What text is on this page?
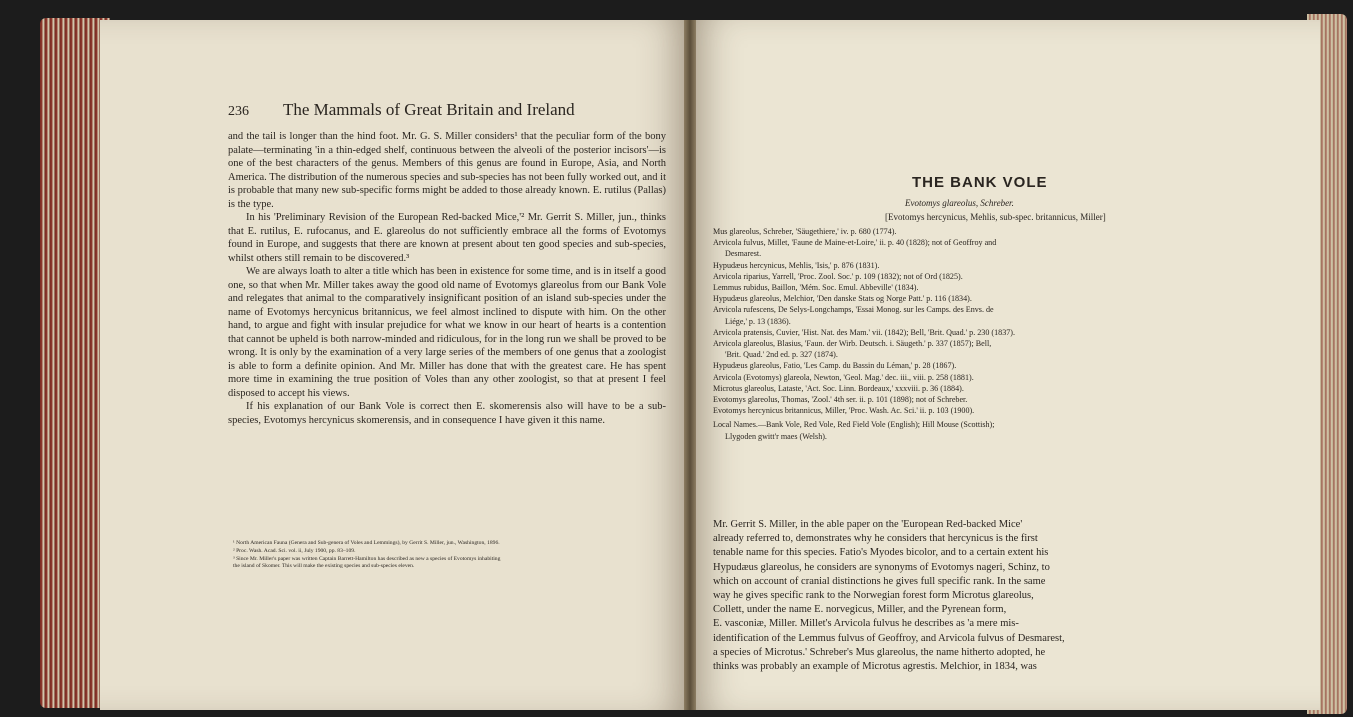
236 The Mammals of Great Britain and Ireland

and the tail is longer than the hind foot. Mr. G. S. Miller considers¹ that the peculiar form of the bony palate—terminating 'in a thin-edged shelf, continuous between the alveoli of the posterior incisors'—is one of the best characters of the genus. Members of this genus are found in Europe, Asia, and North America. The distribution of the numerous species and sub-species has not been fully worked out, and it is probable that many new sub-specific forms might be added to those already known. E. rutilus (Pallas) is the type.

In his 'Preliminary Revision of the European Red-backed Mice,'² Mr. Gerrit S. Miller, jun., thinks that E. rutilus, E. rufocanus, and E. glareolus do not sufficiently embrace all the forms of Evotomys found in Europe, and suggests that there are known at present about ten good species and sub-species, whilst others still remain to be discovered.³

We are always loath to alter a title which has been in existence for some time, and is in itself a good one, so that when Mr. Miller takes away the good old name of Evotomys glareolus from our Bank Vole and relegates that animal to the comparatively insignificant position of an island sub-species under the name of Evotomys hercynicus britannicus, we feel almost inclined to dispute with him. On the other hand, to argue and fight with insular prejudice for what we know in our heart of hearts is a contention that cannot be upheld is both narrow-minded and ridiculous, for in the long run we shall be proved to be wrong. It is only by the examination of a very large series of the members of one genus that a zoologist is able to form a definite opinion. And Mr. Miller has done that with the greatest care. He has spent more time in examining the true position of Voles than any other zoologist, so that at present I feel disposed to accept his views.

If his explanation of our Bank Vole is correct then E. skomerensis also will have to be a sub-species, Evotomys hercynicus skomerensis, and in consequence I have given it this name.

¹ North American Fauna (Genera and Sub-genera of Voles and Lemmings), by Gerrit S. Miller, jun., Washington, 1896.
² Proc. Wash. Acad. Sci. vol. ii, July 1900, pp. 83–109.
³ Since Mr. Miller's paper was written Captain Barrett-Hamilton has described as new a species of Evotomys inhabiting
the island of Skomer. This will make the existing species and sub-species eleven.
THE BANK VOLE
Evotomys glareolus, Schreber.
[Evotomys hercynicus, Mehlis, sub-spec. britannicus, Miller]
Mus glareolus, Schreber, 'Säugethiere,' iv. p. 680 (1774).
Arvicola fulvus, Millet, 'Faune de Maine-et-Loire,' ii. p. 40 (1828); not of Geoffroy and
Desmarest.
Hypudæus hercynicus, Mehlis, 'Isis,' p. 876 (1831).
Arvicola riparius, Yarrell, 'Proc. Zool. Soc.' p. 109 (1832); not of Ord (1825).
Lemmus rubidus, Baillon, 'Mém. Soc. Emul. Abbeville' (1834).
Hypudæus glareolus, Melchior, 'Den danske Stats og Norge Patt.' p. 116 (1834).
Arvicola rufescens, De Selys-Longchamps, 'Essai Monog. sur les Camps. des Envs. de
Liége,' p. 13 (1836).
Arvicola pratensis, Cuvier, 'Hist. Nat. des Mam.' vii. (1842); Bell, 'Brit. Quad.' p. 230 (1837).
Arvicola glareolus, Blasius, 'Faun. der Wirb. Deutsch. i. Säugeth.' p. 337 (1857); Bell,
'Brit. Quad.' 2nd ed. p. 327 (1874).
Hypudæus glareolus, Fatio, 'Les Camp. du Bassin du Léman,' p. 28 (1867).
Arvicola (Evotomys) glareola, Newton, 'Geol. Mag.' dec. iii., viii. p. 258 (1881).
Microtus glareolus, Lataste, 'Act. Soc. Linn. Bordeaux,' xxxviii. p. 36 (1884).
Evotomys glareolus, Thomas, 'Zool.' 4th ser. ii. p. 101 (1898); not of Schreber.
Evotomys hercynicus britannicus, Miller, 'Proc. Wash. Ac. Sci.' ii. p. 103 (1900).
Local Names.—Bank Vole, Red Vole, Red Field Vole (English); Hill Mouse (Scottish);
Llygoden gwitt'r maes (Welsh).
Mr. Gerrit S. Miller, in the able paper on the 'European Red-backed Mice'
already referred to, demonstrates why he considers that hercynicus is the first
tenable name for this species. Fatio's Myodes bicolor, and to a certain extent his
Hypudæus glareolus, he considers are synonyms of Evotomys nageri, Schinz, to
which on account of cranial distinctions he gives full specific rank. In the same
way he gives specific rank to the Norwegian forest form Microtus glareolus,
Collett, under the name E. norvegicus, Miller, and the Pyrenean form,
E. vasconiæ, Miller. Millet's Arvicola fulvus he describes as 'a mere mis-
identification of the Lemmus fulvus of Geoffroy, and Arvicola fulvus of Desmarest,
a species of Microtus.' Schreber's Mus glareolus, the name hitherto adopted, he
thinks was probably an example of Microtus agrestis. Melchior, in 1834, was
